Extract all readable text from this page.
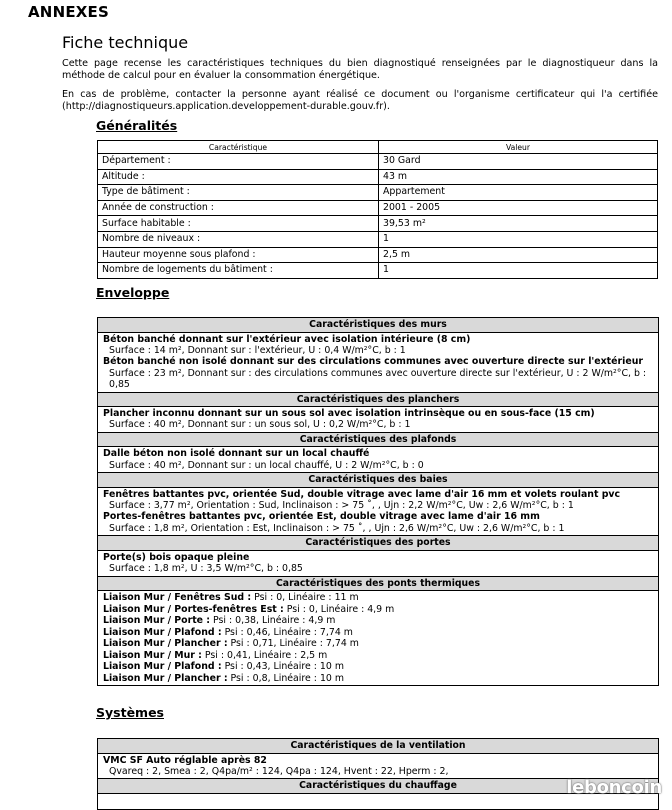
ANNEXES
Fiche technique
Cette page recense les caractéristiques techniques du bien diagnostiqué renseignées par le diagnostiqueur dans la méthode de calcul pour en évaluer la consommation énergétique.
En cas de problème, contacter la personne ayant réalisé ce document ou l'organisme certificateur qui l'a certifiée (http://diagnostiqueurs.application.developpement-durable.gouv.fr).
Généralités
Caractéristique	Valeur
Département :	30 Gard
Altitude :	43 m
Type de bâtiment :	Appartement
Année de construction :	2001 - 2005
Surface habitable :	39,53 m²
Nombre de niveaux :	1
Hauteur moyenne sous plafond :	2,5 m
Nombre de logements du bâtiment :	1
Enveloppe
Caractéristiques des murs
Béton banché donnant sur l'extérieur avec isolation intérieure (8 cm)
Surface : 14 m², Donnant sur : l'extérieur, U : 0,4 W/m²°C, b : 1
Béton banché non isolé donnant sur des circulations communes avec ouverture directe sur l'extérieur
Surface : 23 m², Donnant sur : des circulations communes avec ouverture directe sur l'extérieur, U : 2 W/m²°C, b : 0,85
Caractéristiques des planchers
Plancher inconnu donnant sur un sous sol avec isolation intrinsèque ou en sous-face (15 cm)
Surface : 40 m², Donnant sur : un sous sol, U : 0,2 W/m²°C, b : 1
Caractéristiques des plafonds
Dalle béton non isolé donnant sur un local chauffé
Surface : 40 m², Donnant sur : un local chauffé, U : 2 W/m²°C, b : 0
Caractéristiques des baies
Fenêtres battantes pvc, orientée Sud, double vitrage avec lame d'air 16 mm et volets roulant pvc
Surface : 3,77 m², Orientation : Sud, Inclinaison : > 75 ˚, , Ujn : 2,2 W/m²°C, Uw : 2,6 W/m²°C, b : 1
Portes-fenêtres battantes pvc, orientée Est, double vitrage avec lame d'air 16 mm
Surface : 1,8 m², Orientation : Est, Inclinaison : > 75 ˚, , Ujn : 2,6 W/m²°C, Uw : 2,6 W/m²°C, b : 1
Caractéristiques des portes
Porte(s) bois opaque pleine
Surface : 1,8 m², U : 3,5 W/m²°C, b : 0,85
Caractéristiques des ponts thermiques
Liaison Mur / Fenêtres Sud : Psi : 0, Linéaire : 11 m
Liaison Mur / Portes-fenêtres Est : Psi : 0, Linéaire : 4,9 m
Liaison Mur / Porte : Psi : 0,38, Linéaire : 4,9 m
Liaison Mur / Plafond : Psi : 0,46, Linéaire : 7,74 m
Liaison Mur / Plancher : Psi : 0,71, Linéaire : 7,74 m
Liaison Mur / Mur : Psi : 0,41, Linéaire : 2,5 m
Liaison Mur / Plafond : Psi : 0,43, Linéaire : 10 m
Liaison Mur / Plancher : Psi : 0,8, Linéaire : 10 m
Systèmes
Caractéristiques de la ventilation
VMC SF Auto réglable après 82
Qvareq : 2, Smea : 2, Q4pa/m² : 124, Q4pa : 124, Hvent : 22, Hperm : 2,
Caractéristiques du chauffage	leboncoin
